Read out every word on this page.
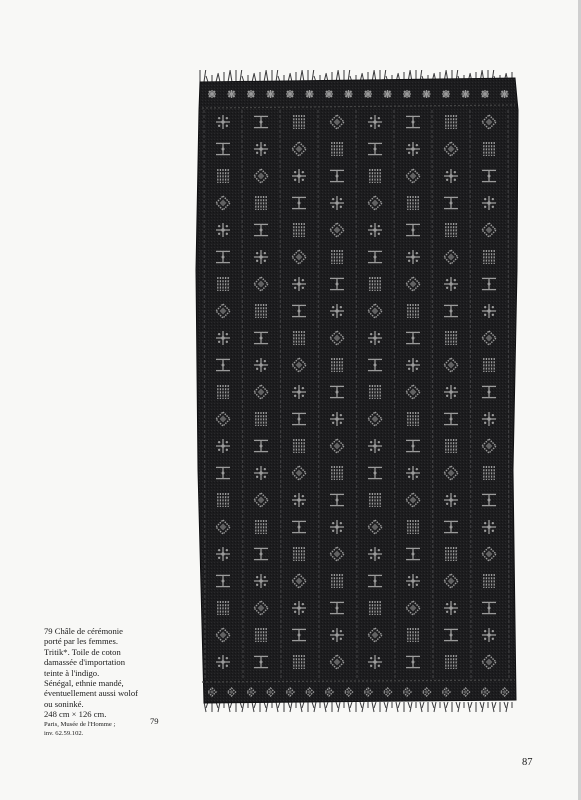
79 Châle de cérémonie
porté par les femmes.
Tritik*. Toile de coton
damassée d'importation
teinte à l'indigo.
Sénégal, ethnie mandé,
éventuellement aussi wolof
ou soninké.
248 cm × 126 cm.
Paris, Musée de l'Homme ;
inv. 62.59.102.
79
87
